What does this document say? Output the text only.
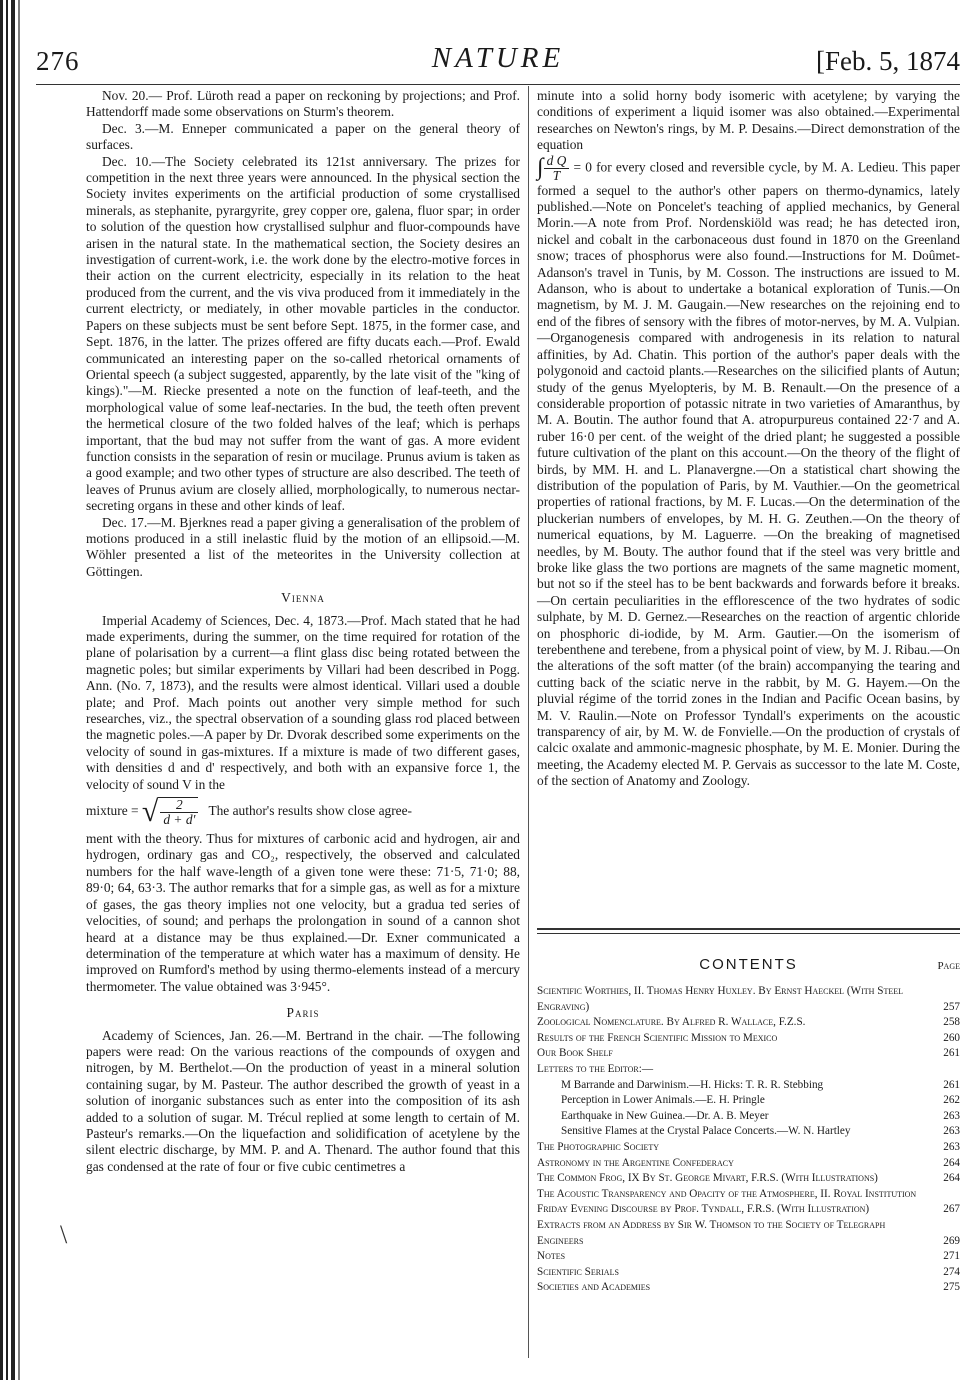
276	NATURE	[Feb. 5, 1874

Nov. 20.— Prof. Lüroth read a paper on reckoning by projections; and Prof. Hattendorff made some observations on Sturm's theorem.

Dec. 3.—M. Enneper communicated a paper on the general theory of surfaces.

Dec. 10.—The Society celebrated its 121st anniversary. The prizes for competition in the next three years were announced. In the physical section the Society invites experiments on the artificial production of some crystallised minerals, as stephanite, pyrargyrite, grey copper ore, galena, fluor spar; in order to solution of the question how crystallised sulphur and fluor-compounds have arisen in the natural state. In the mathematical section, the Society desires an investigation of current-work, i.e. the work done by the electro-motive forces in their action on the current electricity, especially in its relation to the heat produced from the current, and the vis viva produced from it immediately in the current electricty, or mediately, in other movable particles in the conductor. Papers on these subjects must be sent before Sept. 1875, in the former case, and Sept. 1876, in the latter. The prizes offered are fifty ducats each.—Prof. Ewald communicated an interesting paper on the so-called rhetorical ornaments of Oriental speech (a subject suggested, apparently, by the late visit of the "king of kings)."—M. Riecke presented a note on the function of leaf-teeth, and the morphological value of some leaf-nectaries. In the bud, the teeth often prevent the hermetical closure of the two folded halves of the leaf; which is perhaps important, that the bud may not suffer from the want of gas. A more evident function consists in the separation of resin or mucilage. Prunus avium is taken as a good example; and two other types of structure are also described. The teeth of leaves of Prunus avium are closely allied, morphologically, to numerous nectar-secreting organs in these and other kinds of leaf.

Dec. 17.—M. Bjerknes read a paper giving a generalisation of the problem of motions produced in a still inelastic fluid by the motion of an ellipsoid.—M. Wöhler presented a list of the meteorites in the University collection at Göttingen.

Vienna

Imperial Academy of Sciences, Dec. 4, 1873.—Prof. Mach stated that he had made experiments, during the summer, on the time required for rotation of the plane of polarisation by a current—a flint glass disc being rotated between the magnetic poles; but similar experiments by Villari had been described in Pogg. Ann. (No. 7, 1873), and the results were almost identical. Villari used a double plate; and Prof. Mach points out another very simple method for such researches, viz., the spectral observation of a sounding glass rod placed between the magnetic poles.—A paper by Dr. Dvorak described some experiments on the velocity of sound in gas-mixtures. If a mixture is made of two different gases, with densities d and d' respectively, and both with an expansive force 1, the velocity of sound V in the

mixture = √ $\frac{2}{d + d'}$ The author's results show close agree-

ment with the theory. Thus for mixtures of carbonic acid and hydrogen, air and hydrogen, ordinary gas and CO₂, respectively, the observed and calculated numbers for the half wave-length of a given tone were these: 71·5, 71·0; 88, 89·0; 64, 63·3. The author remarks that for a simple gas, as well as for a mixture of gases, the gas theory implies not one velocity, but a gradua ted series of velocities, of sound; and perhaps the prolongation in sound of a cannon shot heard at a distance may be thus explained.—Dr. Exner communicated a determination of the temperature at which water has a maximum of density. He improved on Rumford's method by using thermo-elements instead of a mercury thermometer. The value obtained was 3·945°.

Paris

Academy of Sciences, Jan. 26.—M. Bertrand in the chair. —The following papers were read: On the various reactions of the compounds of oxygen and nitrogen, by M. Berthelot.—On the production of yeast in a mineral solution containing sugar, by M. Pasteur. The author described the growth of yeast in a solution of inorganic substances such as enter into the composition of its ash added to a solution of sugar. M. Trécul replied at some length to certain of M. Pasteur's remarks.—On the liquefaction and solidification of acetylene by the silent electric discharge, by MM. P. and A. Thenard. The author found that this gas condensed at the rate of four or five cubic centimetres a

\

minute into a solid horny body isomeric with acetylene; by varying the conditions of experiment a liquid isomer was also obtained.—Experimental researches on Newton's rings, by M. P. Desains.—Direct demonstration of the equation

∫ $\frac{\text{d Q}}{T} = 0$ for every closed and reversible cycle, by M. A. Ledieu. This paper formed a sequel to the author's other papers on thermo-dynamics, lately published.—Note on Poncelet's teaching of applied mechanics, by General Morin.—A note from Prof. Nordenskiöld was read; he has detected iron, nickel and cobalt in the carbonaceous dust found in 1870 on the Greenland snow; traces of phosphorus were also found.—Instructions for M. Doûmet-Adanson's travel in Tunis, by M. Cosson. The instructions are issued to M. Adanson, who is about to undertake a botanical exploration of Tunis.—On magnetism, by M. J. M. Gaugain.—New researches on the rejoining end to end of the fibres of sensory with the fibres of motor-nerves, by M. A. Vulpian.—Organogenesis compared with androgenesis in its relation to natural affinities, by Ad. Chatin. This portion of the author's paper deals with the polygonoid and cactoid plants.—Researches on the silicified plants of Autun; study of the genus Myelopteris, by M. B. Renault.—On the presence of a considerable proportion of potassic nitrate in two varieties of Amaranthus, by M. A. Boutin. The author found that A. atropurpureus contained 22·7 and A. ruber 16·0 per cent. of the weight of the dried plant; he suggested a possible future cultivation of the plant on this account.—On the theory of the flight of birds, by MM. H. and L. Planavergne.—On a statistical chart showing the distribution of the population of Paris, by M. Vauthier.—On the geometrical properties of rational fractions, by M. F. Lucas.—On the determination of the pluckerian numbers of envelopes, by M. H. G. Zeuthen.—On the theory of numerical equations, by M. Laguerre. —On the breaking of magnetised needles, by M. Bouty. The author found that if the steel was very brittle and broke like glass the two portions are magnets of the same magnetic moment, but not so if the steel has to be bent backwards and forwards before it breaks.—On certain peculiarities in the efflorescence of the two hydrates of sodic sulphate, by M. D. Gernez.—Researches on the reaction of argentic chloride on phosphoric di-iodide, by M. Arm. Gautier.—On the isomerism of terebenthene and terebene, from a physical point of view, by M. J. Ribau.—On the alterations of the soft matter (of the brain) accompanying the tearing and cutting back of the sciatic nerve in the rabbit, by M. G. Hayem.—On the pluvial régime of the torrid zones in the Indian and Pacific Ocean basins, by M. V. Raulin.—Note on Professor Tyndall's experiments on the acoustic transparency of air, by M. W. de Fonvielle.—On the production of crystals of calcic oxalate and ammonic-magnesic phosphate, by M. E. Monier. During the meeting, the Academy elected M. P. Gervais as successor to the late M. Coste, of the section of Anatomy and Zoology.
CONTENTS	Page
Scientific Worthies, II. Thomas Henry Huxley. By Ernst Haeckel (With Steel Engraving)	257
Zoological Nomenclature. By Alfred R. Wallace, F.Z.S.	258
Results of the French Scientific Mission to Mexico	260
Our Book Shelf	261
Letters to the Editor:—
M Barrande and Darwinism.—H. Hicks: T. R. R. Stebbing	261
Perception in Lower Animals.—E. H. Pringle	262
Earthquake in New Guinea.—Dr. A. B. Meyer	263
Sensitive Flames at the Crystal Palace Concerts.—W. N. Hartley	263
The Photographic Society	263
Astronomy in the Argentine Confederacy	264
The Common Frog, IX By St. George Mivart, F.R.S. (With Illustrations)	264
The Acoustic Transparency and Opacity of the Atmosphere, II. Royal Institution Friday Evening Discourse by Prof. Tyndall, F.R.S. (With Illustration)	267
Extracts from an Address by Sir W. Thomson to the Society of Telegraph Engineers	269
Notes	271
Scientific Serials	274
Societies and Academies	275
